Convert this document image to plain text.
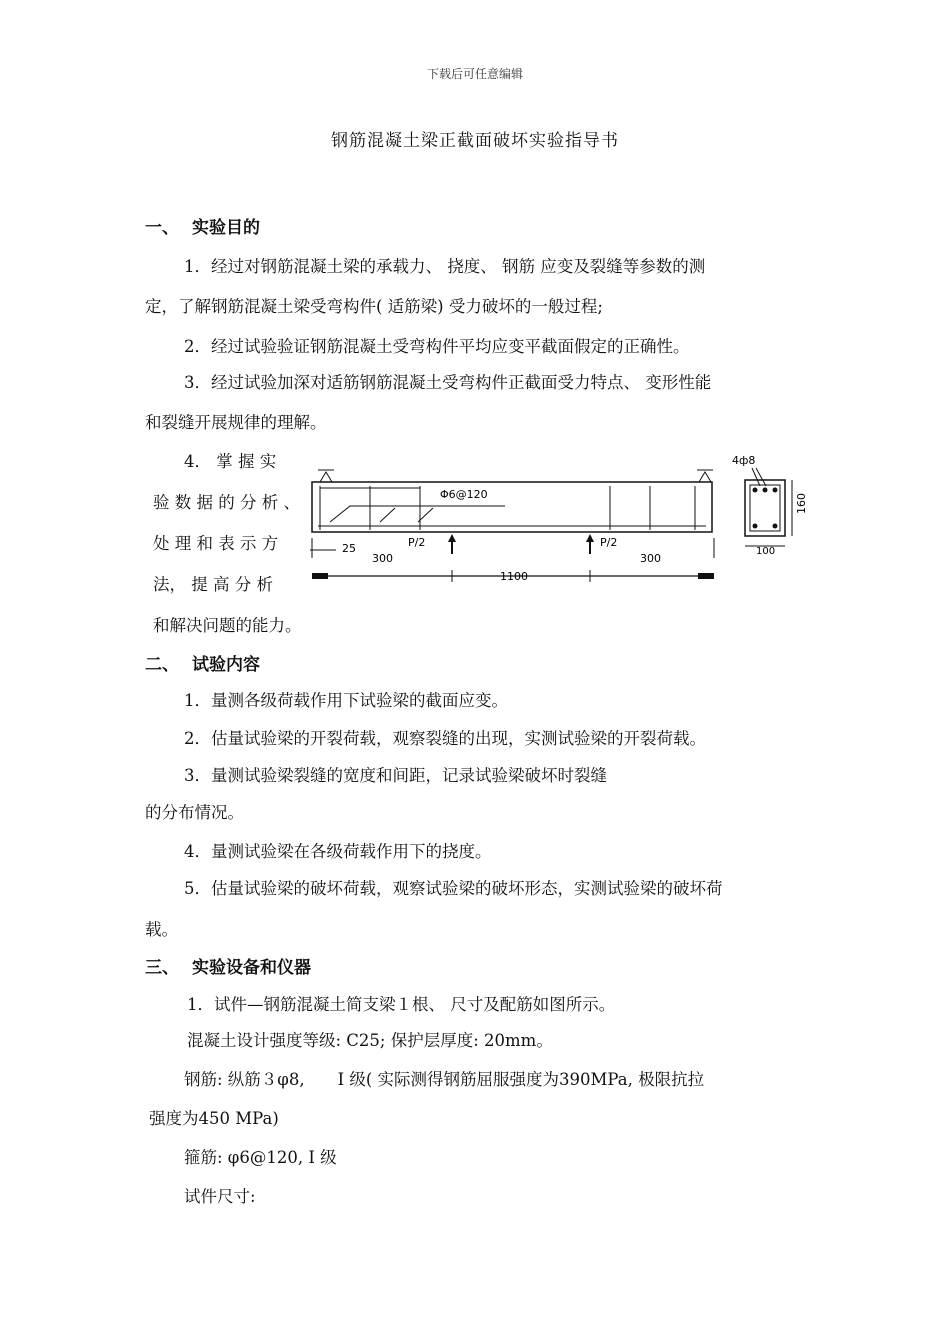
下载后可任意编辑
钢筋混凝土梁正截面破坏实验指导书
一、 实验目的
1．经过对钢筋混凝土梁的承载力、 挠度、 钢筋 应变及裂缝等参数的测
定，了解钢筋混凝土梁受弯构件( 适筋梁) 受力破坏的一般过程;
2．经过试验验证钢筋混凝土受弯构件平均应变平截面假定的正确性。
3．经过试验加深对适筋钢筋混凝土受弯构件正截面受力特点、 变形性能
和裂缝开展规律的理解。
4． 掌 握 实
验 数 据 的 分 析 、
处 理 和 表 示 方
法， 提 高 分 析
和解决问题的能力。
Φ6@120
P/2	P/2
25
300	300
1100
4ф8
160
100
二、 试验内容
1．量测各级荷载作用下试验梁的截面应变。
2．估量试验梁的开裂荷载，观察裂缝的出现，实测试验梁的开裂荷载。
3．量测试验梁裂缝的宽度和间距，记录试验梁破坏时裂缝
的分布情况。
4．量测试验梁在各级荷载作用下的挠度。
5．估量试验梁的破坏荷载，观察试验梁的破坏形态，实测试验梁的破坏荷
载。
三、 实验设备和仪器
1．试件—钢筋混凝土简支梁１根、 尺寸及配筋如图所示。
混凝土设计强度等级: C25; 保护层厚度: 20mm。
钢筋: 纵筋３φ8,　　Ⅰ 级( 实际测得钢筋屈服强度为390MPa, 极限抗拉
强度为450 MPa)
箍筋: φ6@120, Ⅰ 级
试件尺寸:
